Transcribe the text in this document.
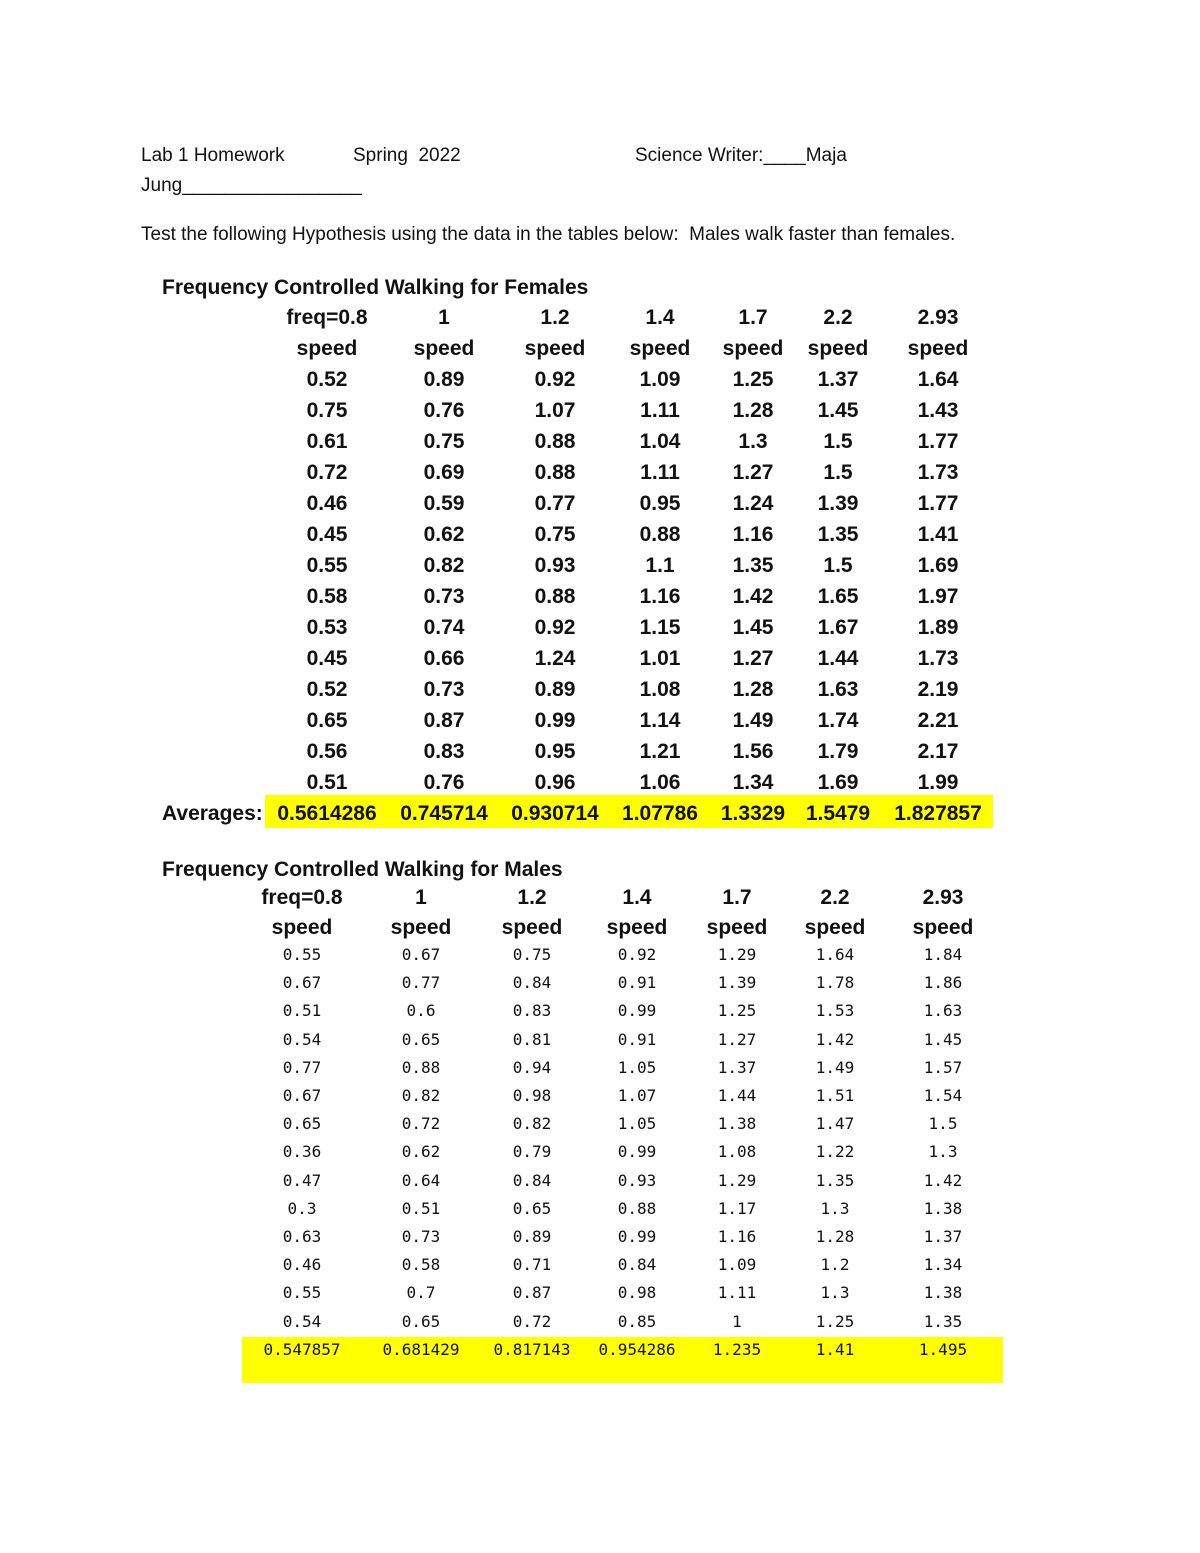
Lab 1 Homework	Spring  2022	Science Writer:____Maja
Jung_________________
Test the following Hypothesis using the data in the tables below:  Males walk faster than females.
Frequency Controlled Walking for Females
freq=0.8	1	1.2	1.4	1.7	2.2	2.93
speed	speed speed speed speed speed speed
0.52	0.89	0.92	1.09 1.25 1.37	1.64
0.75	0.76	1.07	1.11	1.28 1.45	1.43
0.61	0.75	0.88	1.04	1.3	1.5	1.77
0.72	0.69	0.88	1.11	1.27 1.5	1.73
0.46	0.59	0.77	0.95 1.24 1.39	1.77
0.45	0.62	0.75	0.88 1.16 1.35	1.41
0.55	0.82	0.93	1.1	1.35 1.5	1.69
0.58	0.73	0.88	1.16 1.42 1.65	1.97
0.53	0.74	0.92	1.15 1.45 1.67	1.89
0.45	0.66	1.24	1.01 1.27 1.44	1.73
0.52	0.73	0.89	1.08 1.28 1.63	2.19
0.65	0.87	0.99	1.14 1.49 1.74	2.21
0.56	0.83	0.95	1.21 1.56 1.79	2.17
0.51	0.76	0.96	1.06 1.34 1.69	1.99
Averages: 0.5614286 0.745714 0.930714 1.07786 1.3329 1.5479 1.827857
Frequency Controlled Walking for Males
freq=0.8	1	1.2	1.4	1.7	2.2	2.93
speed	speed speed speed speed speed speed
0.55	0.67	0.75	0.92	1.29	1.64	1.84
0.67	0.77	0.84	0.91	1.39	1.78	1.86
0.51	0.6	0.83	0.99	1.25	1.53	1.63
0.54	0.65	0.81	0.91	1.27	1.42	1.45
0.77	0.88	0.94	1.05	1.37	1.49	1.57
0.67	0.82	0.98	1.07	1.44	1.51	1.54
0.65	0.72	0.82	1.05	1.38	1.47	1.5
0.36	0.62	0.79	0.99	1.08	1.22	1.3
0.47	0.64	0.84	0.93	1.29	1.35	1.42
0.3	0.51	0.65	0.88	1.17	1.3	1.38
0.63	0.73	0.89	0.99	1.16	1.28	1.37
0.46	0.58	0.71	0.84	1.09	1.2	1.34
0.55	0.7	0.87	0.98	1.11	1.3	1.38
0.54	0.65	0.72	0.85	1	1.25	1.35
0.547857	0.681429 0.817143 0.954286 1.235	1.41	1.495
